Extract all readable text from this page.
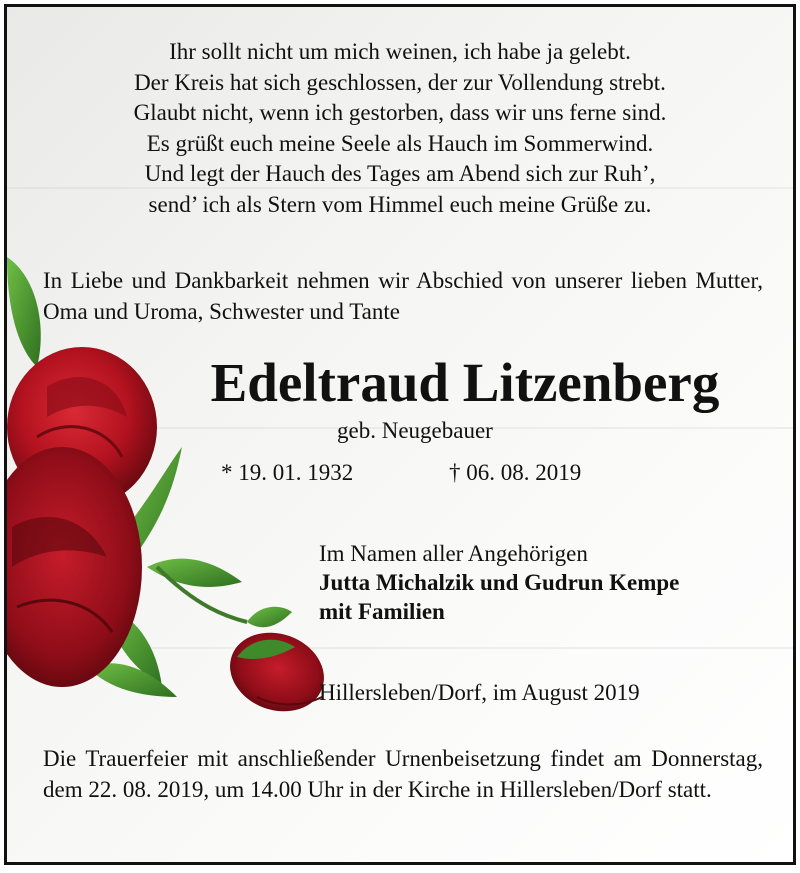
Ihr sollt nicht um mich weinen, ich habe ja gelebt.
Der Kreis hat sich geschlossen, der zur Vollendung strebt.
Glaubt nicht, wenn ich gestorben, dass wir uns ferne sind.
Es grüßt euch meine Seele als Hauch im Sommerwind.
Und legt der Hauch des Tages am Abend sich zur Ruh’,
send’ ich als Stern vom Himmel euch meine Grüße zu.
In Liebe und Dankbarkeit nehmen wir Abschied von unserer lieben Mutter, Oma und Uroma, Schwester und Tante
Edeltraud Litzenberg
geb. Neugebauer
* 19. 01. 1932	† 06. 08. 2019
Im Namen aller Angehörigen
Jutta Michalzik und Gudrun Kempe
mit Familien
Hillersleben/Dorf, im August 2019
Die Trauerfeier mit anschließender Urnenbeisetzung findet am Donnerstag, dem 22. 08. 2019, um 14.00 Uhr in der Kirche in Hillersleben/Dorf statt.
